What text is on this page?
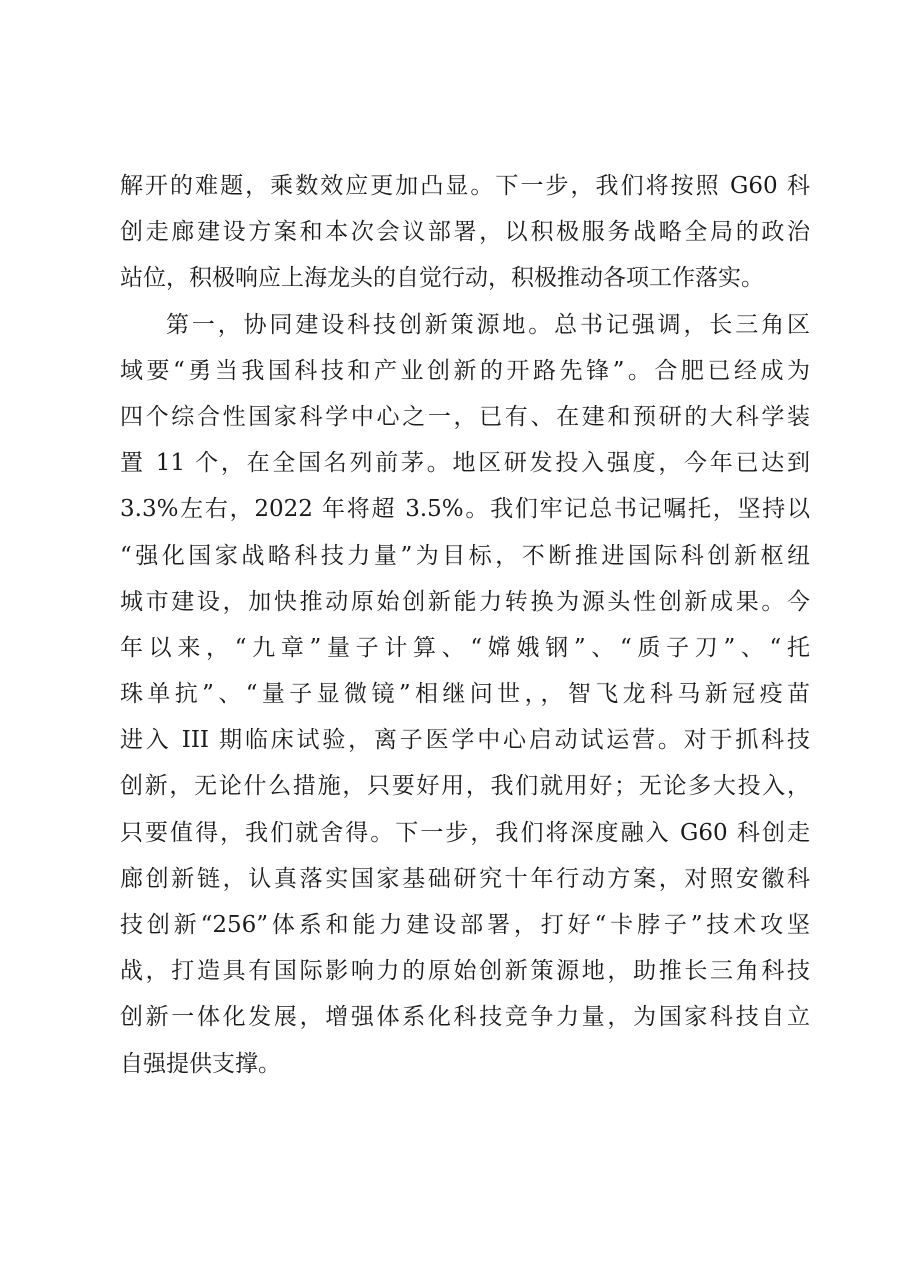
解开的难题，乘数效应更加凸显。下一步，我们将按照 G60 科
创走廊建设方案和本次会议部署，以积极服务战略全局的政治
站位，积极响应上海龙头的自觉行动，积极推动各项工作落实。
第一，协同建设科技创新策源地。总书记强调，长三角区
域要“勇当我国科技和产业创新的开路先锋”。合肥已经成为
四个综合性国家科学中心之一，已有、在建和预研的大科学装
置 11 个，在全国名列前茅。地区研发投入强度，今年已达到
3.3%左右，2022 年将超 3.5%。我们牢记总书记嘱托，坚持以
“强化国家战略科技力量”为目标，不断推进国际科创新枢纽
城市建设，加快推动原始创新能力转换为源头性创新成果。今
年以来，“九章”量子计算、“嫦娥钢”、“质子刀”、“托
珠单抗”、“量子显微镜”相继问世，，智飞龙科马新冠疫苗
进入 III 期临床试验，离子医学中心启动试运营。对于抓科技
创新，无论什么措施，只要好用，我们就用好；无论多大投入，
只要值得，我们就舍得。下一步，我们将深度融入 G60 科创走
廊创新链，认真落实国家基础研究十年行动方案，对照安徽科
技创新“256”体系和能力建设部署，打好“卡脖子”技术攻坚
战，打造具有国际影响力的原始创新策源地，助推长三角科技
创新一体化发展，增强体系化科技竞争力量，为国家科技自立
自强提供支撑。
